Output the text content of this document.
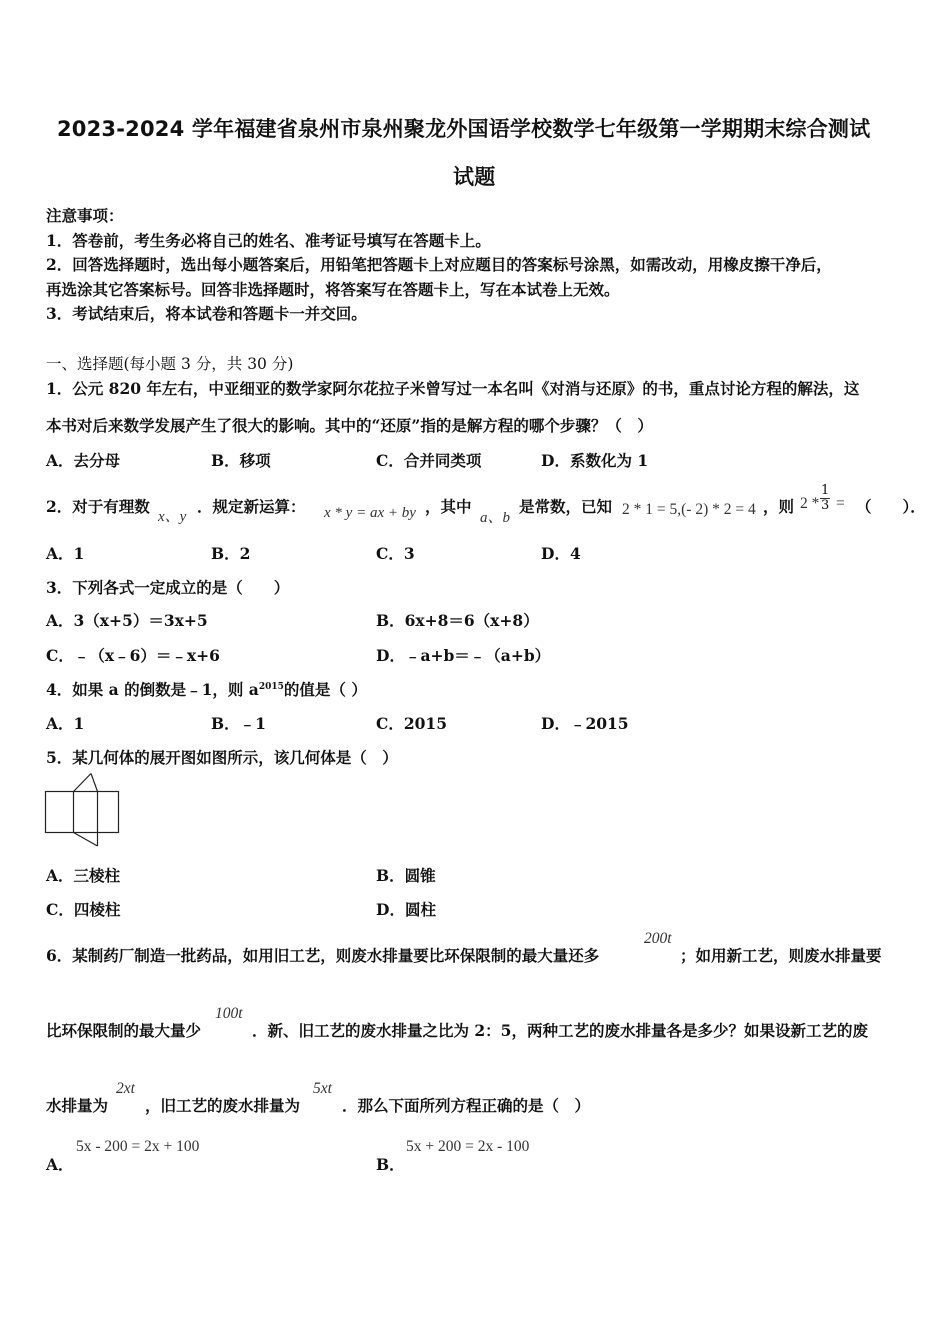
2023-2024 学年福建省泉州市泉州聚龙外国语学校数学七年级第一学期期末综合测试
试题
注意事项：
1．答卷前，考生务必将自己的姓名、准考证号填写在答题卡上。
2．回答选择题时，选出每小题答案后，用铅笔把答题卡上对应题目的答案标号涂黑，如需改动，用橡皮擦干净后，
再选涂其它答案标号。回答非选择题时，将答案写在答题卡上，写在本试卷上无效。
3．考试结束后，将本试卷和答题卡一并交回。
一、选择题(每小题 3 分，共 30 分)
1．公元 820 年左右，中亚细亚的数学家阿尔花拉子米曾写过一本名叫《对消与还原》的书，重点讨论方程的解法，这
本书对后来数学发展产生了很大的影响。其中的“还原”指的是解方程的哪个步骤？（　）
A．去分母	B．移项	C．合并同类项	D．系数化为 1
2．对于有理数
x、y
．规定新运算： x * y = ax + by ，其中
a、b
是常数，已知 2 * 1 = 5,(- 2) * 2 = 4 ，则 $2 * \frac{1}{3}$ = （　　）．
A．1	B．2	C．3	D．4
3．下列各式一定成立的是（　　）
A．3（x+5）＝3x+5	B．6x+8＝6（x+8）
C．﹣（x﹣6）＝﹣x+6	D．﹣a+b＝﹣（a+b）
4．如果 a 的倒数是﹣1，则 $a^{2015}$的值是（ ）
A．1	B．﹣1	C．2015	D．﹣2015
5．某几何体的展开图如图所示，该几何体是（　）
A．三棱柱	B．圆锥
C．四棱柱	D．圆柱
6．某制药厂制造一批药品，如用旧工艺，则废水排量要比环保限制的最大量还多
200t
；如用新工艺，则废水排量要
比环保限制的最大量少
100t
．新、旧工艺的废水排量之比为 2：5，两种工艺的废水排量各是多少？如果设新工艺的废
水排量为
2xt
，旧工艺的废水排量为
5xt
．那么下面所列方程正确的是（　）
A．
5x - 200 = 2x + 100
B．
5x + 200 = 2x - 100
